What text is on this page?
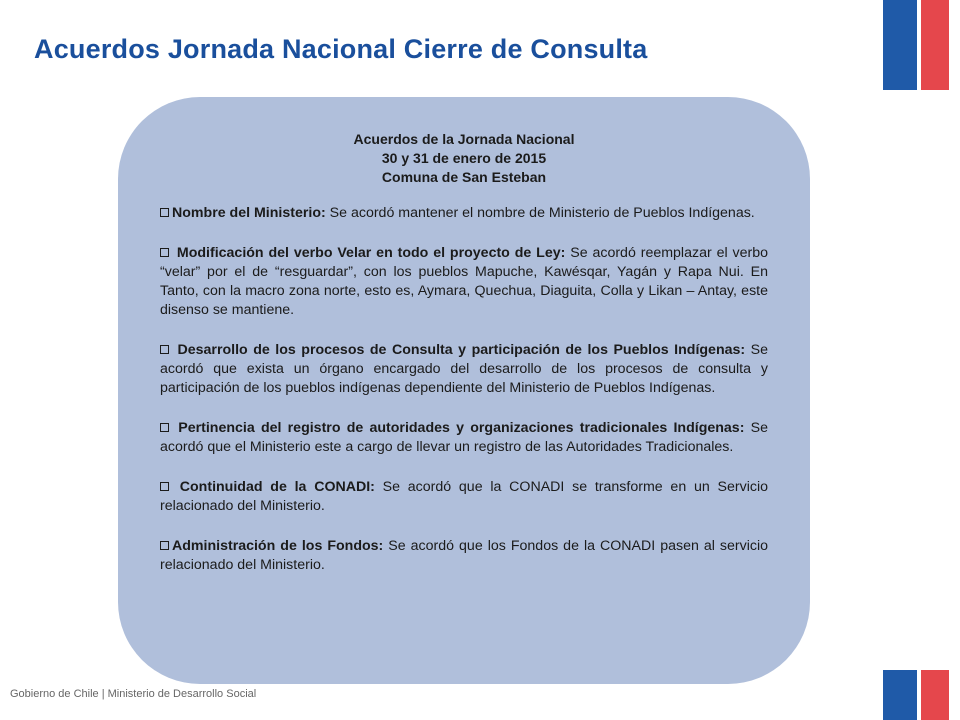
Acuerdos Jornada Nacional Cierre de Consulta
Acuerdos de la Jornada Nacional
30 y 31 de enero de 2015
Comuna de San Esteban

Nombre del Ministerio: Se acordó mantener el nombre de Ministerio de Pueblos Indígenas.

Modificación del verbo Velar en todo el proyecto de Ley: Se acordó reemplazar el verbo “velar” por el de “resguardar”, con los pueblos Mapuche, Kawésqar, Yagán y Rapa Nui. En Tanto, con la macro zona norte, esto es, Aymara, Quechua, Diaguita, Colla y Likan – Antay, este disenso se mantiene.

Desarrollo de los procesos de Consulta y participación de los Pueblos Indígenas: Se acordó que exista un órgano encargado del desarrollo de los procesos de consulta y participación de los pueblos indígenas dependiente del Ministerio de Pueblos Indígenas.

Pertinencia del registro de autoridades y organizaciones tradicionales Indígenas: Se acordó que el Ministerio este a cargo de llevar un registro de las Autoridades Tradicionales.

Continuidad de la CONADI: Se acordó que la CONADI se transforme en un Servicio relacionado del Ministerio.

Administración de los Fondos: Se acordó que los Fondos de la CONADI pasen al servicio relacionado del Ministerio.

Gobierno de Chile | Ministerio de Desarrollo Social
